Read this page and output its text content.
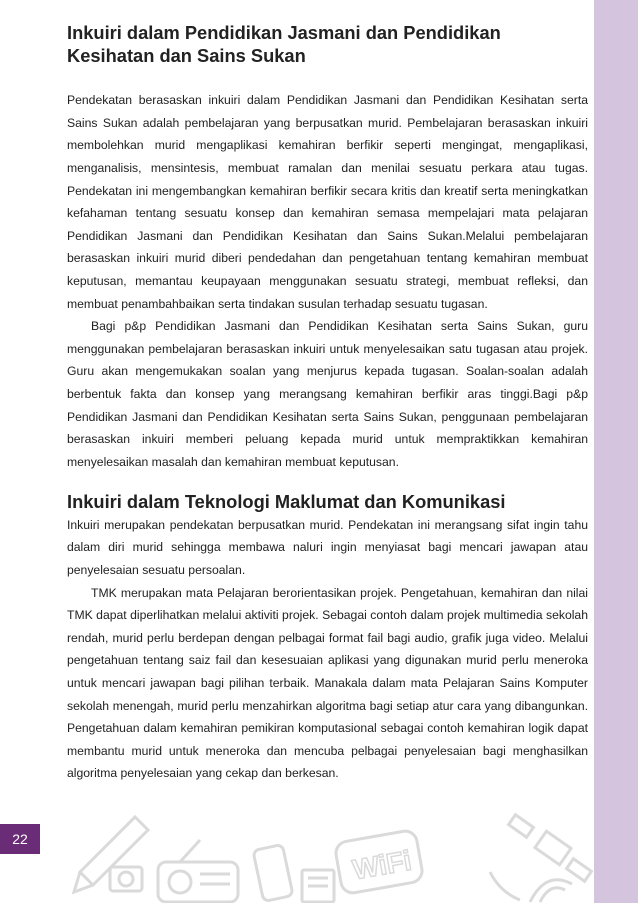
Inkuiri dalam Pendidikan Jasmani dan Pendidikan Kesihatan dan Sains Sukan

Pendekatan berasaskan inkuiri dalam Pendidikan Jasmani dan Pendidikan Kesihatan serta Sains Sukan adalah pembelajaran yang berpusatkan murid. Pembelajaran berasaskan inkuiri membolehkan murid mengaplikasi kemahiran berfikir seperti mengingat, mengaplikasi, menganalisis, mensintesis, membuat ramalan dan menilai sesuatu perkara atau tugas. Pendekatan ini mengembangkan kemahiran berfikir secara kritis dan kreatif serta meningkatkan kefahaman tentang sesuatu konsep dan kemahiran semasa mempelajari mata pelajaran Pendidikan Jasmani dan Pendidikan Kesihatan dan Sains Sukan.Melalui pembelajaran berasaskan inkuiri murid diberi pendedahan dan pengetahuan tentang kemahiran membuat keputusan, memantau keupayaan menggunakan sesuatu strategi, membuat refleksi, dan membuat penambahbaikan serta tindakan susulan terhadap sesuatu tugasan.

Bagi p&p Pendidikan Jasmani dan Pendidikan Kesihatan serta Sains Sukan, guru menggunakan pembelajaran berasaskan inkuiri untuk menyelesaikan satu tugasan atau projek. Guru akan mengemukakan soalan yang menjurus kepada tugasan. Soalan-soalan adalah berbentuk fakta dan konsep yang merangsang kemahiran berfikir aras tinggi.Bagi p&p Pendidikan Jasmani dan Pendidikan Kesihatan serta Sains Sukan, penggunaan pembelajaran berasaskan inkuiri memberi peluang kepada murid untuk mempraktikkan kemahiran menyelesaikan masalah dan kemahiran membuat keputusan.

Inkuiri dalam Teknologi Maklumat dan Komunikasi

Inkuiri merupakan pendekatan berpusatkan murid. Pendekatan ini merangsang sifat ingin tahu dalam diri murid sehingga membawa naluri ingin menyiasat bagi mencari jawapan atau penyelesaian sesuatu persoalan.

TMK merupakan mata Pelajaran berorientasikan projek. Pengetahuan, kemahiran dan nilai TMK dapat diperlihatkan melalui aktiviti projek. Sebagai contoh dalam projek multimedia sekolah rendah, murid perlu berdepan dengan pelbagai format fail bagi audio, grafik juga video. Melalui pengetahuan tentang saiz fail dan kesesuaian aplikasi yang digunakan murid perlu meneroka untuk mencari jawapan bagi pilihan terbaik. Manakala dalam mata Pelajaran Sains Komputer sekolah menengah, murid perlu menzahirkan algoritma bagi setiap atur cara yang dibangunkan. Pengetahuan dalam kemahiran pemikiran komputasional sebagai contoh kemahiran logik dapat membantu murid untuk meneroka dan mencuba pelbagai penyelesaian bagi menghasilkan algoritma penyelesaian yang cekap dan berkesan.

WiFi
22
